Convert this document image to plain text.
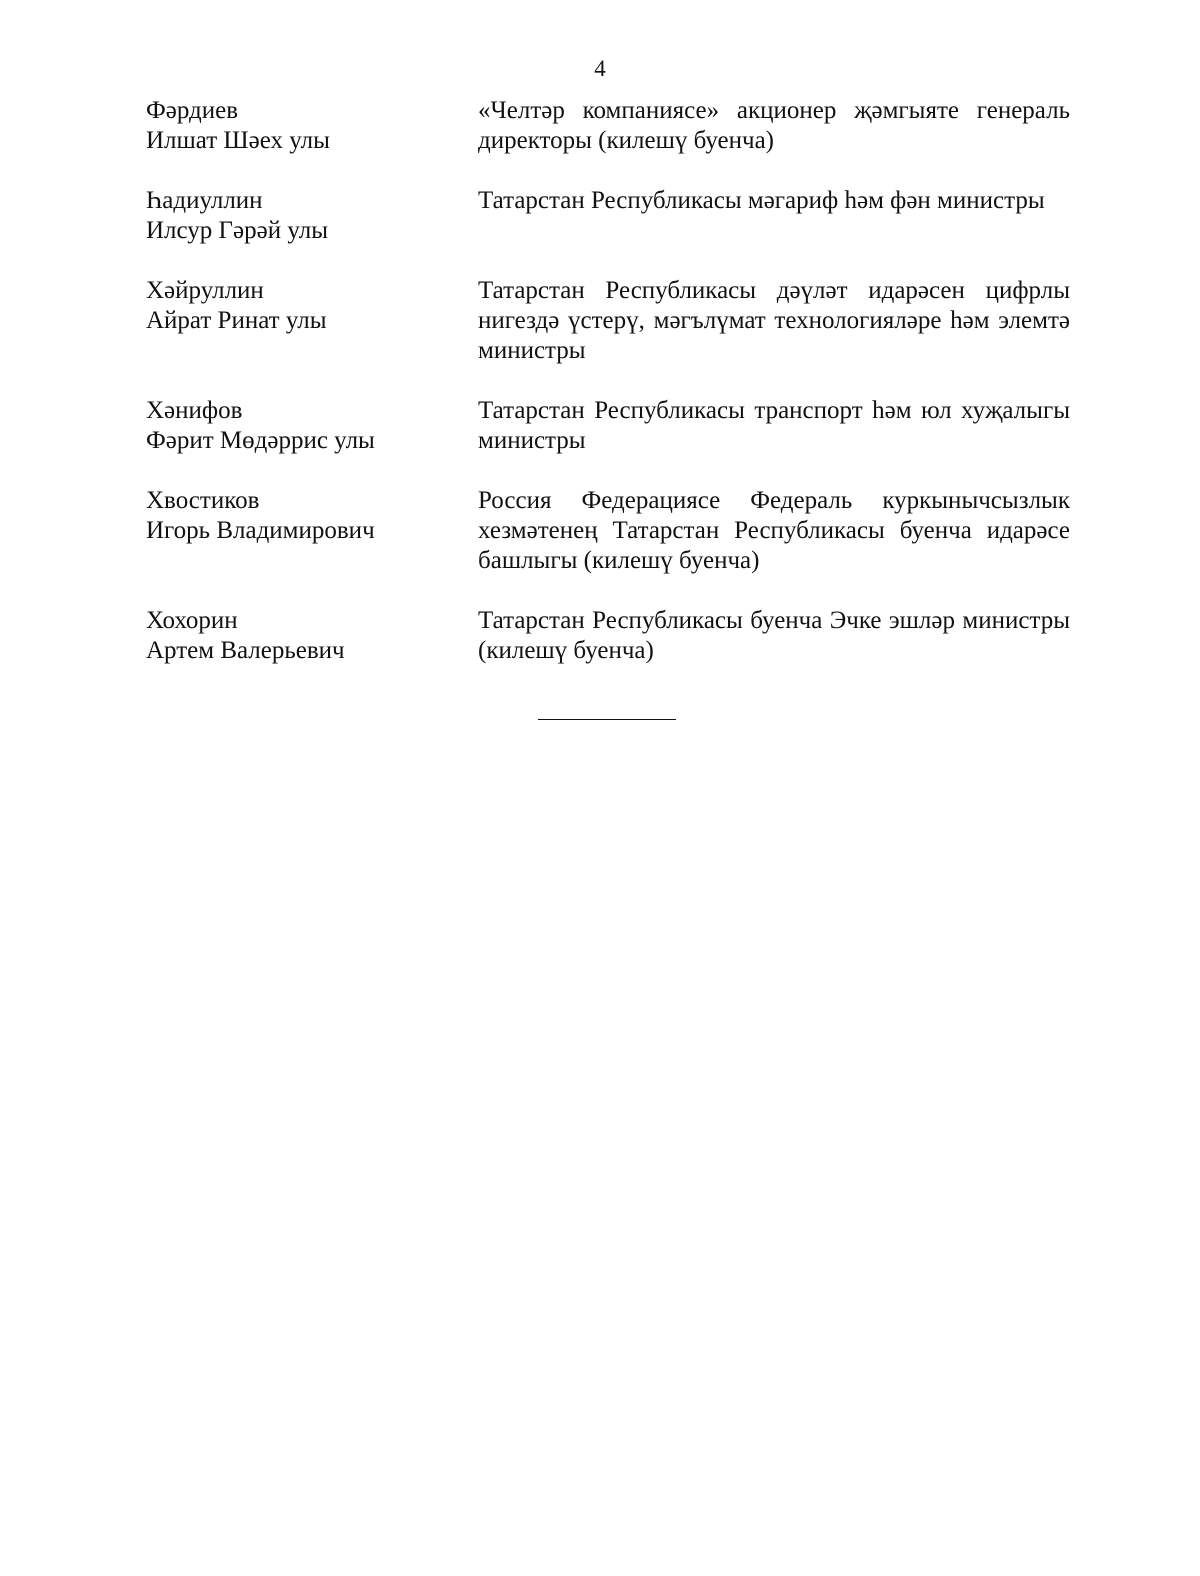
4
Фәрдиев
Илшат Шәех улы
«Челтәр компаниясе» акционер җәмгыяте генераль директоры (килешү буенча)
Һадиуллин
Илсур Гәрәй улы
Татарстан Республикасы мәгариф һәм фән министры
Хәйруллин
Айрат Ринат улы
Татарстан Республикасы дәүләт идарәсен цифрлы нигездә үстерү, мәгълүмат технологияләре һәм элемтә министры
Хәнифов
Фәрит Мөдәррис улы
Татарстан Республикасы транспорт һәм юл хуҗалыгы министры
Хвостиков
Игорь Владимирович
Россия Федерациясе Федераль куркынычсызлык хезмәтенең Татарстан Республикасы буенча идарәсе башлыгы (килешү буенча)
Хохорин
Артем Валерьевич
Татарстан Республикасы буенча Эчке эшләр министры (килешү буенча)
